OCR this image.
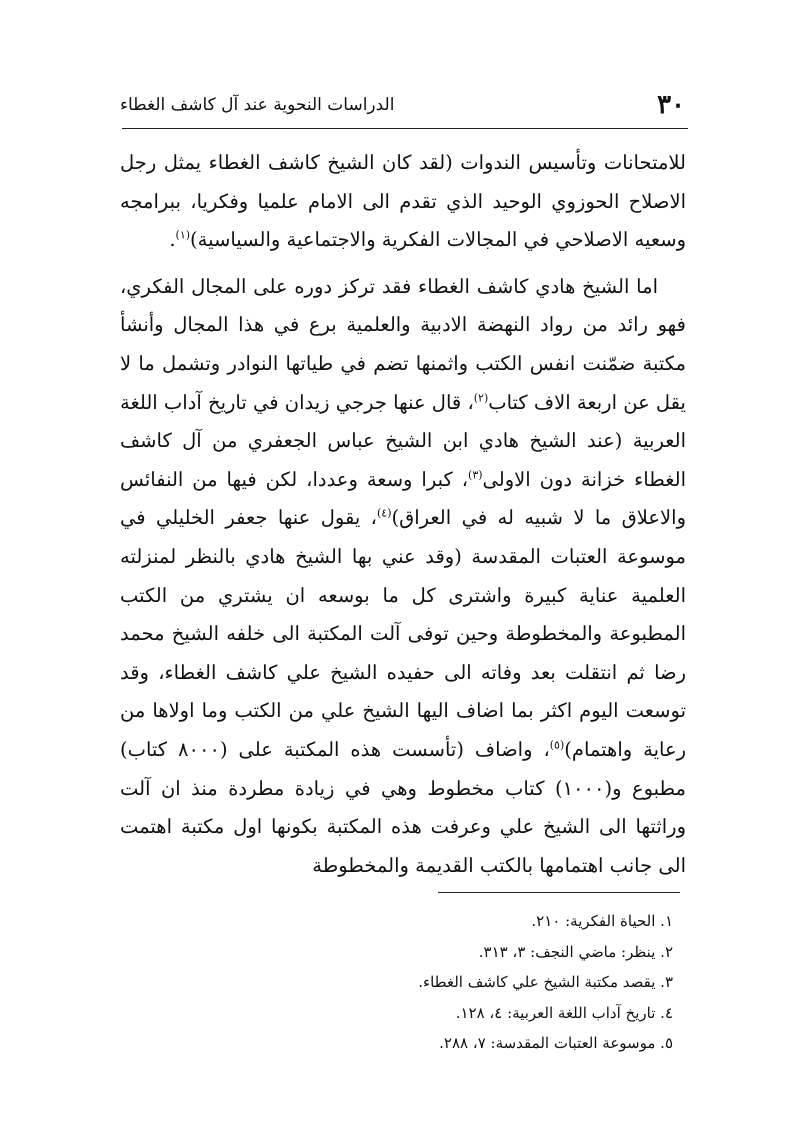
٣٠
الدراسات النحوية عند آل كاشف الغطاء

للامتحانات وتأسيس الندوات (لقد كان الشيخ كاشف الغطاء يمثل رجل الاصلاح الحوزوي الوحيد الذي تقدم الى الامام علميا وفكريا، ببرامجه وسعيه الاصلاحي في المجالات الفكرية والاجتماعية والسياسية)$^{(١)}$.

اما الشيخ هادي كاشف الغطاء فقد تركز دوره على المجال الفكري، فهو رائد من رواد النهضة الادبية والعلمية برع في هذا المجال وأنشأ مكتبة ضمّنت انفس الكتب واثمنها تضم في طياتها النوادر وتشمل ما لا يقل عن اربعة الاف كتاب$^{(٢)}$، قال عنها جرجي زيدان في تاريخ آداب اللغة العربية (عند الشيخ هادي ابن الشيخ عباس الجعفري من آل كاشف الغطاء خزانة دون الاولى$^{(٣)}$، كبرا وسعة وعددا، لكن فيها من النفائس والاعلاق ما لا شبيه له في العراق)$^{(٤)}$، يقول عنها جعفر الخليلي في موسوعة العتبات المقدسة (وقد عني بها الشيخ هادي بالنظر لمنزلته العلمية عناية كبيرة واشترى كل ما بوسعه ان يشتري من الكتب المطبوعة والمخطوطة وحين توفى آلت المكتبة الى خلفه الشيخ محمد رضا ثم انتقلت بعد وفاته الى حفيده الشيخ علي كاشف الغطاء، وقد توسعت اليوم اكثر بما اضاف اليها الشيخ علي من الكتب وما اولاها من رعاية واهتمام)$^{(٥)}$، واضاف (تأسست هذه المكتبة على (٨٠٠٠ كتاب) مطبوع و(١٠٠٠) كتاب مخطوط وهي في زيادة مطردة منذ ان آلت وراثتها الى الشيخ علي وعرفت هذه المكتبة بكونها اول مكتبة اهتمت الى جانب اهتمامها بالكتب القديمة والمخطوطة

١. الحياة الفكرية: ٢١٠.
٢. ينظر: ماضي النجف: ٣، ٣١٣.
٣. يقصد مكتبة الشيخ علي كاشف الغطاء.
٤. تاريخ آداب اللغة العربية: ٤، ١٢٨.
٥. موسوعة العتبات المقدسة: ٧، ٢٨٨.
